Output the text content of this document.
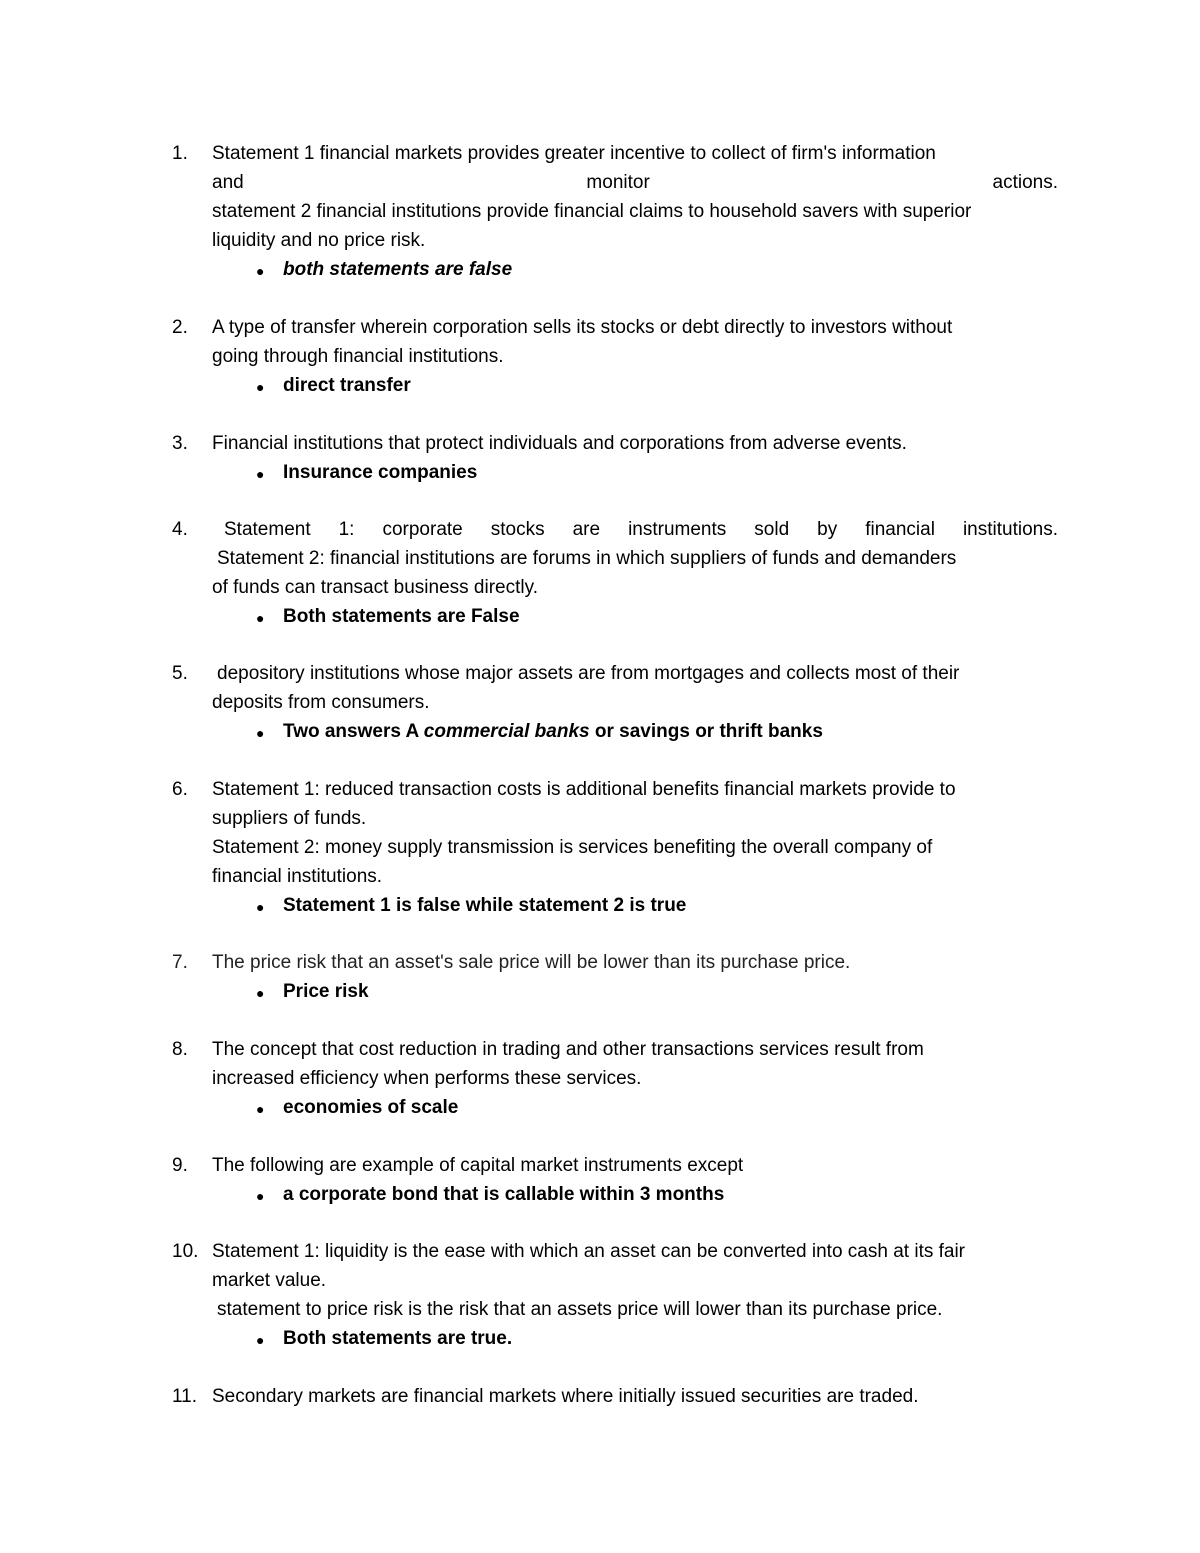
1.	Statement 1 financial markets provides greater incentive to collect of firm's information
and	monitor	actions.
statement 2 financial institutions provide financial claims to household savers with superior
liquidity and no price risk.
● both statements are false
2.	A type of transfer wherein corporation sells its stocks or debt directly to investors without
going through financial institutions.
● direct transfer
3.	Financial institutions that protect individuals and corporations from adverse events.
● Insurance companies
4.	Statement 1: corporate stocks are instruments sold by financial institutions.
Statement 2: financial institutions are forums in which suppliers of funds and demanders
of funds can transact business directly.
● Both statements are False
5.	depository institutions whose major assets are from mortgages and collects most of their
deposits from consumers.
● Two answers A commercial banks or savings or thrift banks
6.	Statement 1: reduced transaction costs is additional benefits financial markets provide to
suppliers of funds.
Statement 2: money supply transmission is services benefiting the overall company of
financial institutions.
● Statement 1 is false while statement 2 is true
7.	The price risk that an asset's sale price will be lower than its purchase price.
● Price risk
8.	The concept that cost reduction in trading and other transactions services result from
increased efficiency when performs these services.
● economies of scale
9.	The following are example of capital market instruments except
● a corporate bond that is callable within 3 months
10. Statement 1: liquidity is the ease with which an asset can be converted into cash at its fair
market value.
statement to price risk is the risk that an assets price will lower than its purchase price.
● Both statements are true.
11. Secondary markets are financial markets where initially issued securities are traded.
